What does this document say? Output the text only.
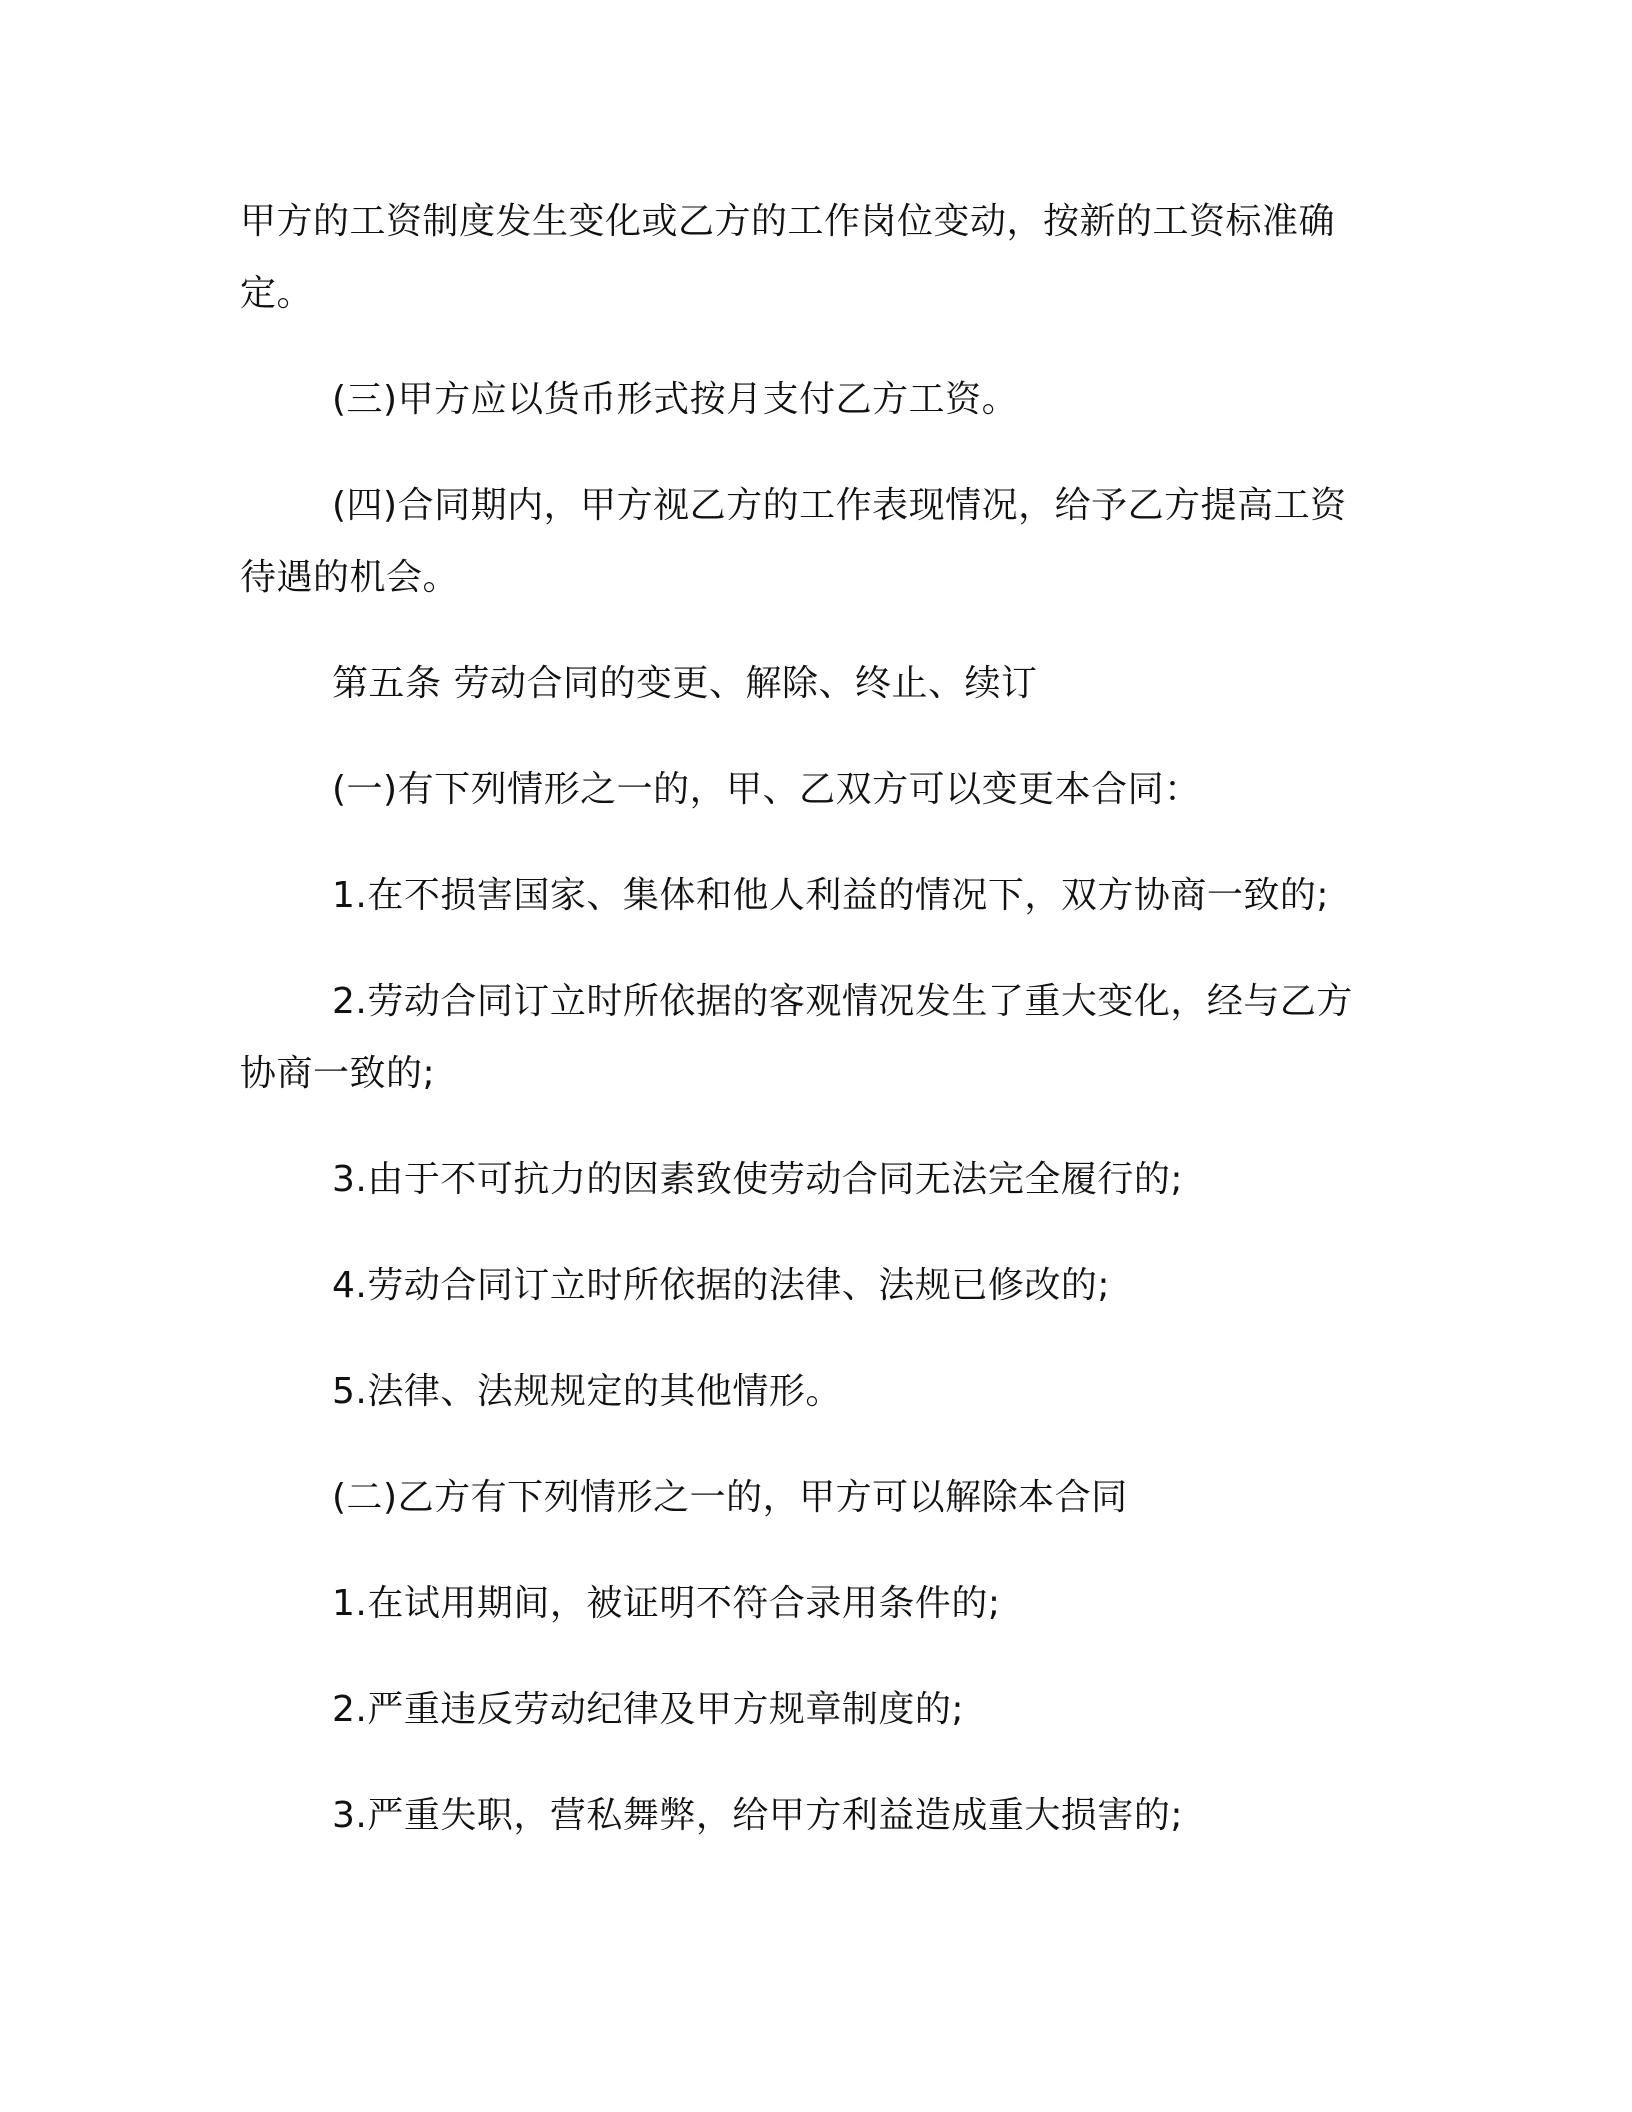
甲方的工资制度发生变化或乙方的工作岗位变动，按新的工资标准确定。

(三)甲方应以货币形式按月支付乙方工资。

(四)合同期内，甲方视乙方的工作表现情况，给予乙方提高工资待遇的机会。

第五条 劳动合同的变更、解除、终止、续订

(一)有下列情形之一的，甲、乙双方可以变更本合同：

1.在不损害国家、集体和他人利益的情况下，双方协商一致的;

2.劳动合同订立时所依据的客观情况发生了重大变化，经与乙方协商一致的;

3.由于不可抗力的因素致使劳动合同无法完全履行的;

4.劳动合同订立时所依据的法律、法规已修改的;

5.法律、法规规定的其他情形。

(二)乙方有下列情形之一的，甲方可以解除本合同

1.在试用期间，被证明不符合录用条件的;

2.严重违反劳动纪律及甲方规章制度的;

3.严重失职，营私舞弊，给甲方利益造成重大损害的;
